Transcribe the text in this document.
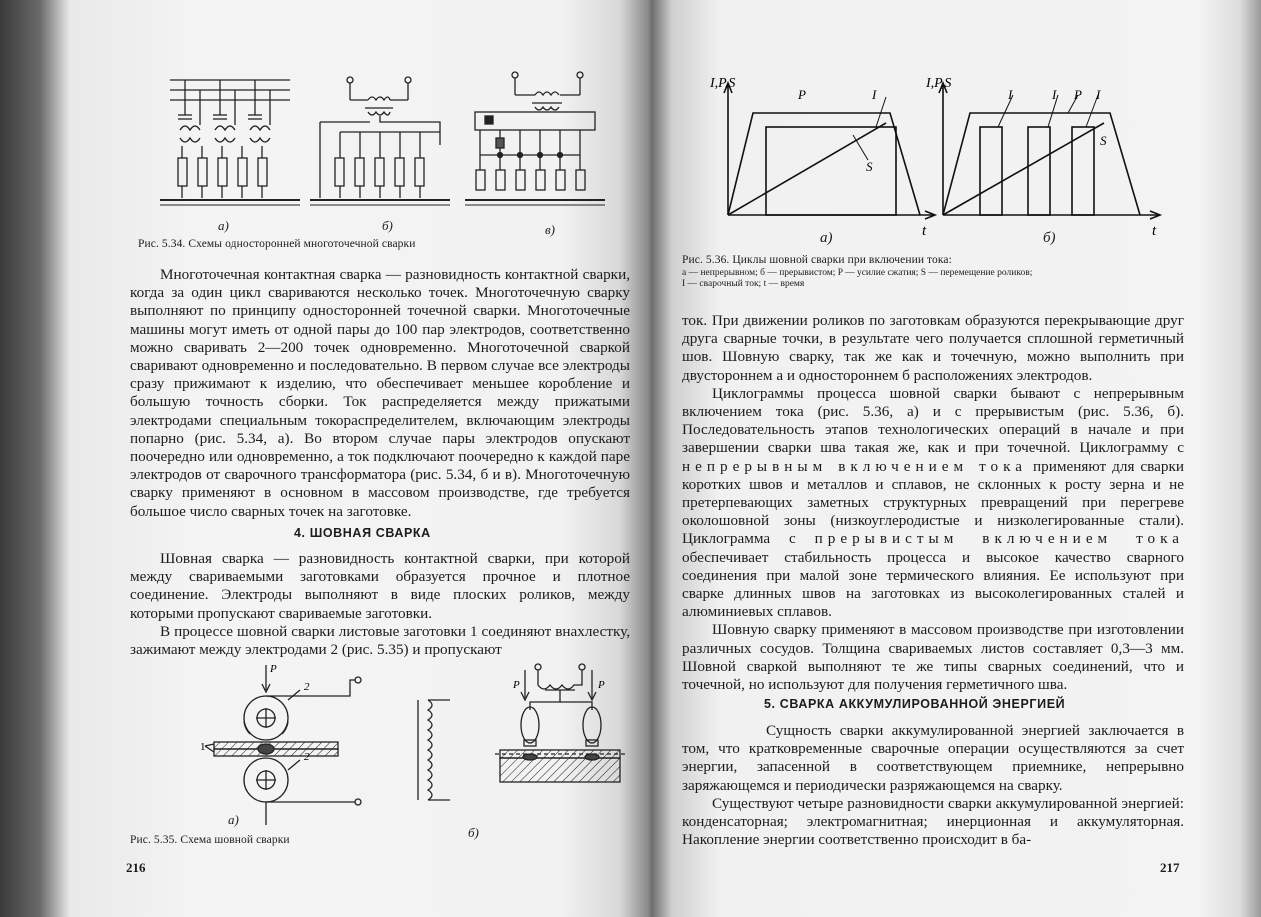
а)	б)	в)
Рис. 5.34. Схемы односторонней многоточечной сварки

Многоточечная контактная сварка — разновидность контактной сварки, когда за один цикл свариваются несколько точек. Многоточечную сварку выполняют по принципу односторонней точечной сварки. Многоточечные машины могут иметь от одной пары до 100 пар электродов, соответственно можно сваривать 2—200 точек одновременно. Многоточечной сваркой сваривают одновременно и последовательно. В первом случае все электроды сразу прижимают к изделию, что обеспечивает меньшее коробление и большую точность сборки. Ток распределяется между прижатыми электродами специальным токораспределителем, включающим электроды попарно (рис. 5.34, а). Во втором случае пары электродов опускают поочередно или одновременно, а ток подключают поочередно к каждой паре электродов от сварочного трансформатора (рис. 5.34, б и в). Многоточечную сварку применяют в основном в массовом производстве, где требуется большое число сварных точек на заготовке.

4. ШОВНАЯ СВАРКА

Шовная сварка — разновидность контактной сварки, при которой между свариваемыми заготовками образуется прочное и плотное соединение. Электроды выполняют в виде плоских роликов, между которыми пропускают свариваемые заготовки.

В процессе шовной сварки листовые заготовки 1 соединяют внахлестку, зажимают между электродами 2 (рис. 5.35) и пропускают

P
2
1
2
P	P
а)
б)
Рис. 5.35. Схема шовной сварки
216
I,P,S
t
P	I
S
I,P,S
t
I	I P I
S
а)	б)
Рис. 5.36. Циклы шовной сварки при включении тока:
а — непрерывном; б — прерывистом; P — усилие сжатия; S — перемещение роликов;
I — сварочный ток; t — время

ток. При движении роликов по заготовкам образуются перекрывающие друг друга сварные точки, в результате чего получается сплошной герметичный шов. Шовную сварку, так же как и точечную, можно выполнить при двустороннем а и одностороннем б расположениях электродов.

Циклограммы процесса шовной сварки бывают с непрерывным включением тока (рис. 5.36, а) и с прерывистым (рис. 5.36, б). Последовательность этапов технологических операций в начале и при завершении сварки шва такая же, как и при точечной. Циклограмму с непрерывным включением тока применяют для сварки коротких швов и металлов и сплавов, не склонных к росту зерна и не претерпевающих заметных структурных превращений при перегреве околошовной зоны (низкоуглеродистые и низколегированные стали). Циклограмма с прерывистым включением тока обеспечивает стабильность процесса и высокое качество сварного соединения при малой зоне термического влияния. Ее используют при сварке длинных швов на заготовках из высоколегированных сталей и алюминиевых сплавов.

Шовную сварку применяют в массовом производстве при изготовлении различных сосудов. Толщина свариваемых листов составляет 0,3—3 мм. Шовной сваркой выполняют те же типы сварных соединений, что и точечной, но используют для получения герметичного шва.

5. СВАРКА АККУМУЛИРОВАННОЙ ЭНЕРГИЕЙ

Сущность сварки аккумулированной энергией заключается в том, что кратковременные сварочные операции осуществляются за счет энергии, запасенной в соответствующем приемнике, непрерывно заряжающемся и периодически разряжающемся на сварку.

Существуют четыре разновидности сварки аккумулированной энергией: конденсаторная; электромагнитная; инерционная и аккумуляторная. Накопление энергии соответственно происходит в ба-

217
